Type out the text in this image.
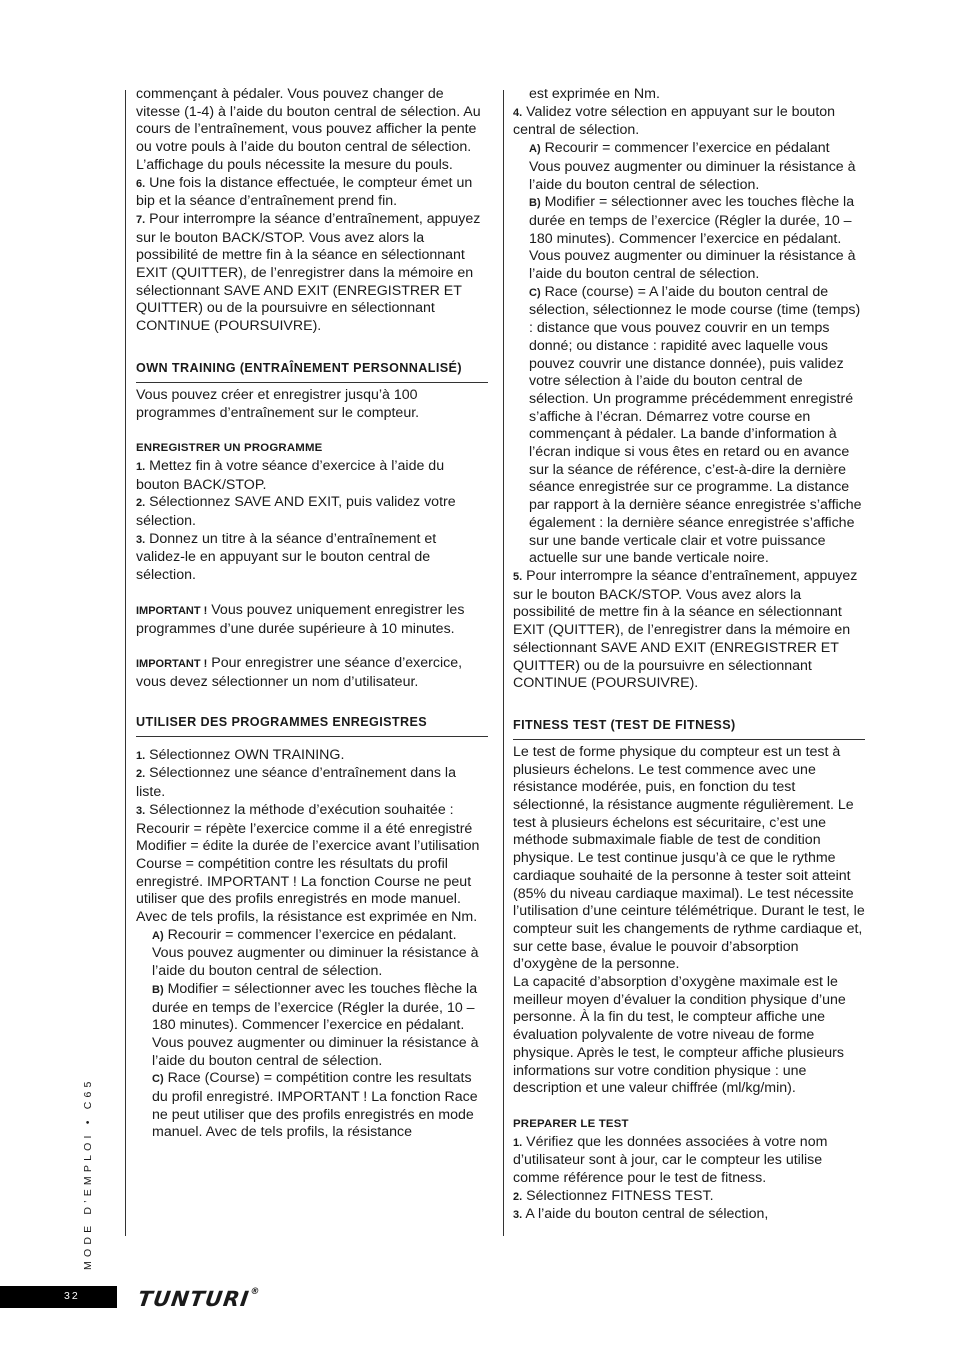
commençant à pédaler. Vous pouvez changer de vitesse (1-4) à l’aide du bouton central de sélection. Au cours de l’entraînement, vous pouvez afficher la pente ou votre pouls à l’aide du bouton central de sélection.

L’affichage du pouls nécessite la mesure du pouls.

6. Une fois la distance effectuée, le compteur émet un bip et la séance d’entraînement prend fin.

7. Pour interrompre la séance d’entraînement, appuyez sur le bouton BACK/STOP. Vous avez alors la possibilité de mettre fin à la séance en sélectionnant EXIT (QUITTER), de l’enregistrer dans la mémoire en sélectionnant SAVE AND EXIT (ENREGISTRER ET QUITTER) ou de la poursuivre en sélectionnant CONTINUE (POURSUIVRE).

OWN TRAINING (ENTRAÎNEMENT PERSONNALISÉ)

Vous pouvez créer et enregistrer jusqu’à 100 programmes d’entraînement sur le compteur.

ENREGISTRER UN PROGRAMME

1. Mettez fin à votre séance d’exercice à l’aide du bouton BACK/STOP.

2. Sélectionnez SAVE AND EXIT, puis validez votre sélection.

3. Donnez un titre à la séance d’entraînement et validez-le en appuyant sur le bouton central de sélection.

IMPORTANT ! Vous pouvez uniquement enregistrer les programmes d’une durée supérieure à 10 minutes.

IMPORTANT ! Pour enregistrer une séance d’exercice, vous devez sélectionner un nom d’utilisateur.

UTILISER DES PROGRAMMES ENREGISTRES

1. Sélectionnez OWN TRAINING.

2. Sélectionnez une séance d’entraînement dans la liste.

3. Sélectionnez la méthode d’exécution souhaitée :

Recourir = répète l’exercice comme il a été enregistré

Modifier = édite la durée de l’exercice avant l’utilisation

Course = compétition contre les résultats du profil enregistré. IMPORTANT ! La fonction Course ne peut utiliser que des profils enregistrés en mode manuel. Avec de tels profils, la résistance est exprimée en Nm.

A) Recourir = commencer l’exercice en pédalant. Vous pouvez augmenter ou diminuer la résistance à l’aide du bouton central de sélection.

B) Modifier = sélectionner avec les touches flèche la durée en temps de l’exercice (Régler la durée, 10 – 180 minutes). Commencer l’exercice en pédalant. Vous pouvez augmenter ou diminuer la résistance à l’aide du bouton central de sélection.

C) Race (Course) = compétition contre les resultats du profil enregistré. IMPORTANT ! La fonction Race ne peut utiliser que des profils enregistrés en mode manuel. Avec de tels profils, la résistance

est exprimée en Nm.

4. Validez votre sélection en appuyant sur le bouton central de sélection.

A) Recourir = commencer l’exercice en pédalant Vous pouvez augmenter ou diminuer la résistance à l’aide du bouton central de sélection.

B) Modifier = sélectionner avec les touches flèche la durée en temps de l’exercice (Régler la durée, 10 – 180 minutes). Commencer l’exercice en pédalant. Vous pouvez augmenter ou diminuer la résistance à l’aide du bouton central de sélection.

C) Race (course) = A l’aide du bouton central de sélection, sélectionnez le mode course (time (temps) : distance que vous pouvez couvrir en un temps donné; ou distance : rapidité avec laquelle vous pouvez couvrir une distance donnée), puis validez votre sélection à l’aide du bouton central de sélection. Un programme précédemment enregistré s’affiche à l’écran. Démarrez votre course en commençant à pédaler. La bande d’information à l’écran indique si vous êtes en retard ou en avance sur la séance de référence, c’est-à-dire la dernière séance enregistrée sur ce programme. La distance par rapport à la dernière séance enregistrée s’affiche également : la dernière séance enregistrée s’affiche sur une bande verticale clair et votre puissance actuelle sur une bande verticale noire.

5. Pour interrompre la séance d’entraînement, appuyez sur le bouton BACK/STOP. Vous avez alors la possibilité de mettre fin à la séance en sélectionnant EXIT (QUITTER), de l’enregistrer dans la mémoire en sélectionnant SAVE AND EXIT (ENREGISTRER ET QUITTER) ou de la poursuivre en sélectionnant CONTINUE (POURSUIVRE).

FITNESS TEST (TEST DE FITNESS)

Le test de forme physique du compteur est un test à plusieurs échelons. Le test commence avec une résistance modérée, puis, en fonction du test sélectionné, la résistance augmente régulièrement. Le test à plusieurs échelons est sécuritaire, c’est une méthode submaximale fiable de test de condition physique. Le test continue jusqu’à ce que le rythme cardiaque souhaité de la personne à tester soit atteint (85% du niveau cardiaque maximal). Le test nécessite l’utilisation d’une ceinture télémétrique. Durant le test, le compteur suit les changements de rythme cardiaque et, sur cette base, évalue le pouvoir d’absorption d’oxygène de la personne.

La capacité d’absorption d’oxygène maximale est le meilleur moyen d’évaluer la condition physique d’une personne. À la fin du test, le compteur affiche une évaluation polyvalente de votre niveau de forme physique. Après le test, le compteur affiche plusieurs informations sur votre condition physique : une description et une valeur chiffrée (ml/kg/min).

PREPARER LE TEST

1. Vérifiez que les données associées à votre nom d’utilisateur sont à jour, car le compteur les utilise comme référence pour le test de fitness.

2. Sélectionnez FITNESS TEST.

3. A l’aide du bouton central de sélection,

MODE D’EMPLOI • C65
32	TUNTURI®
